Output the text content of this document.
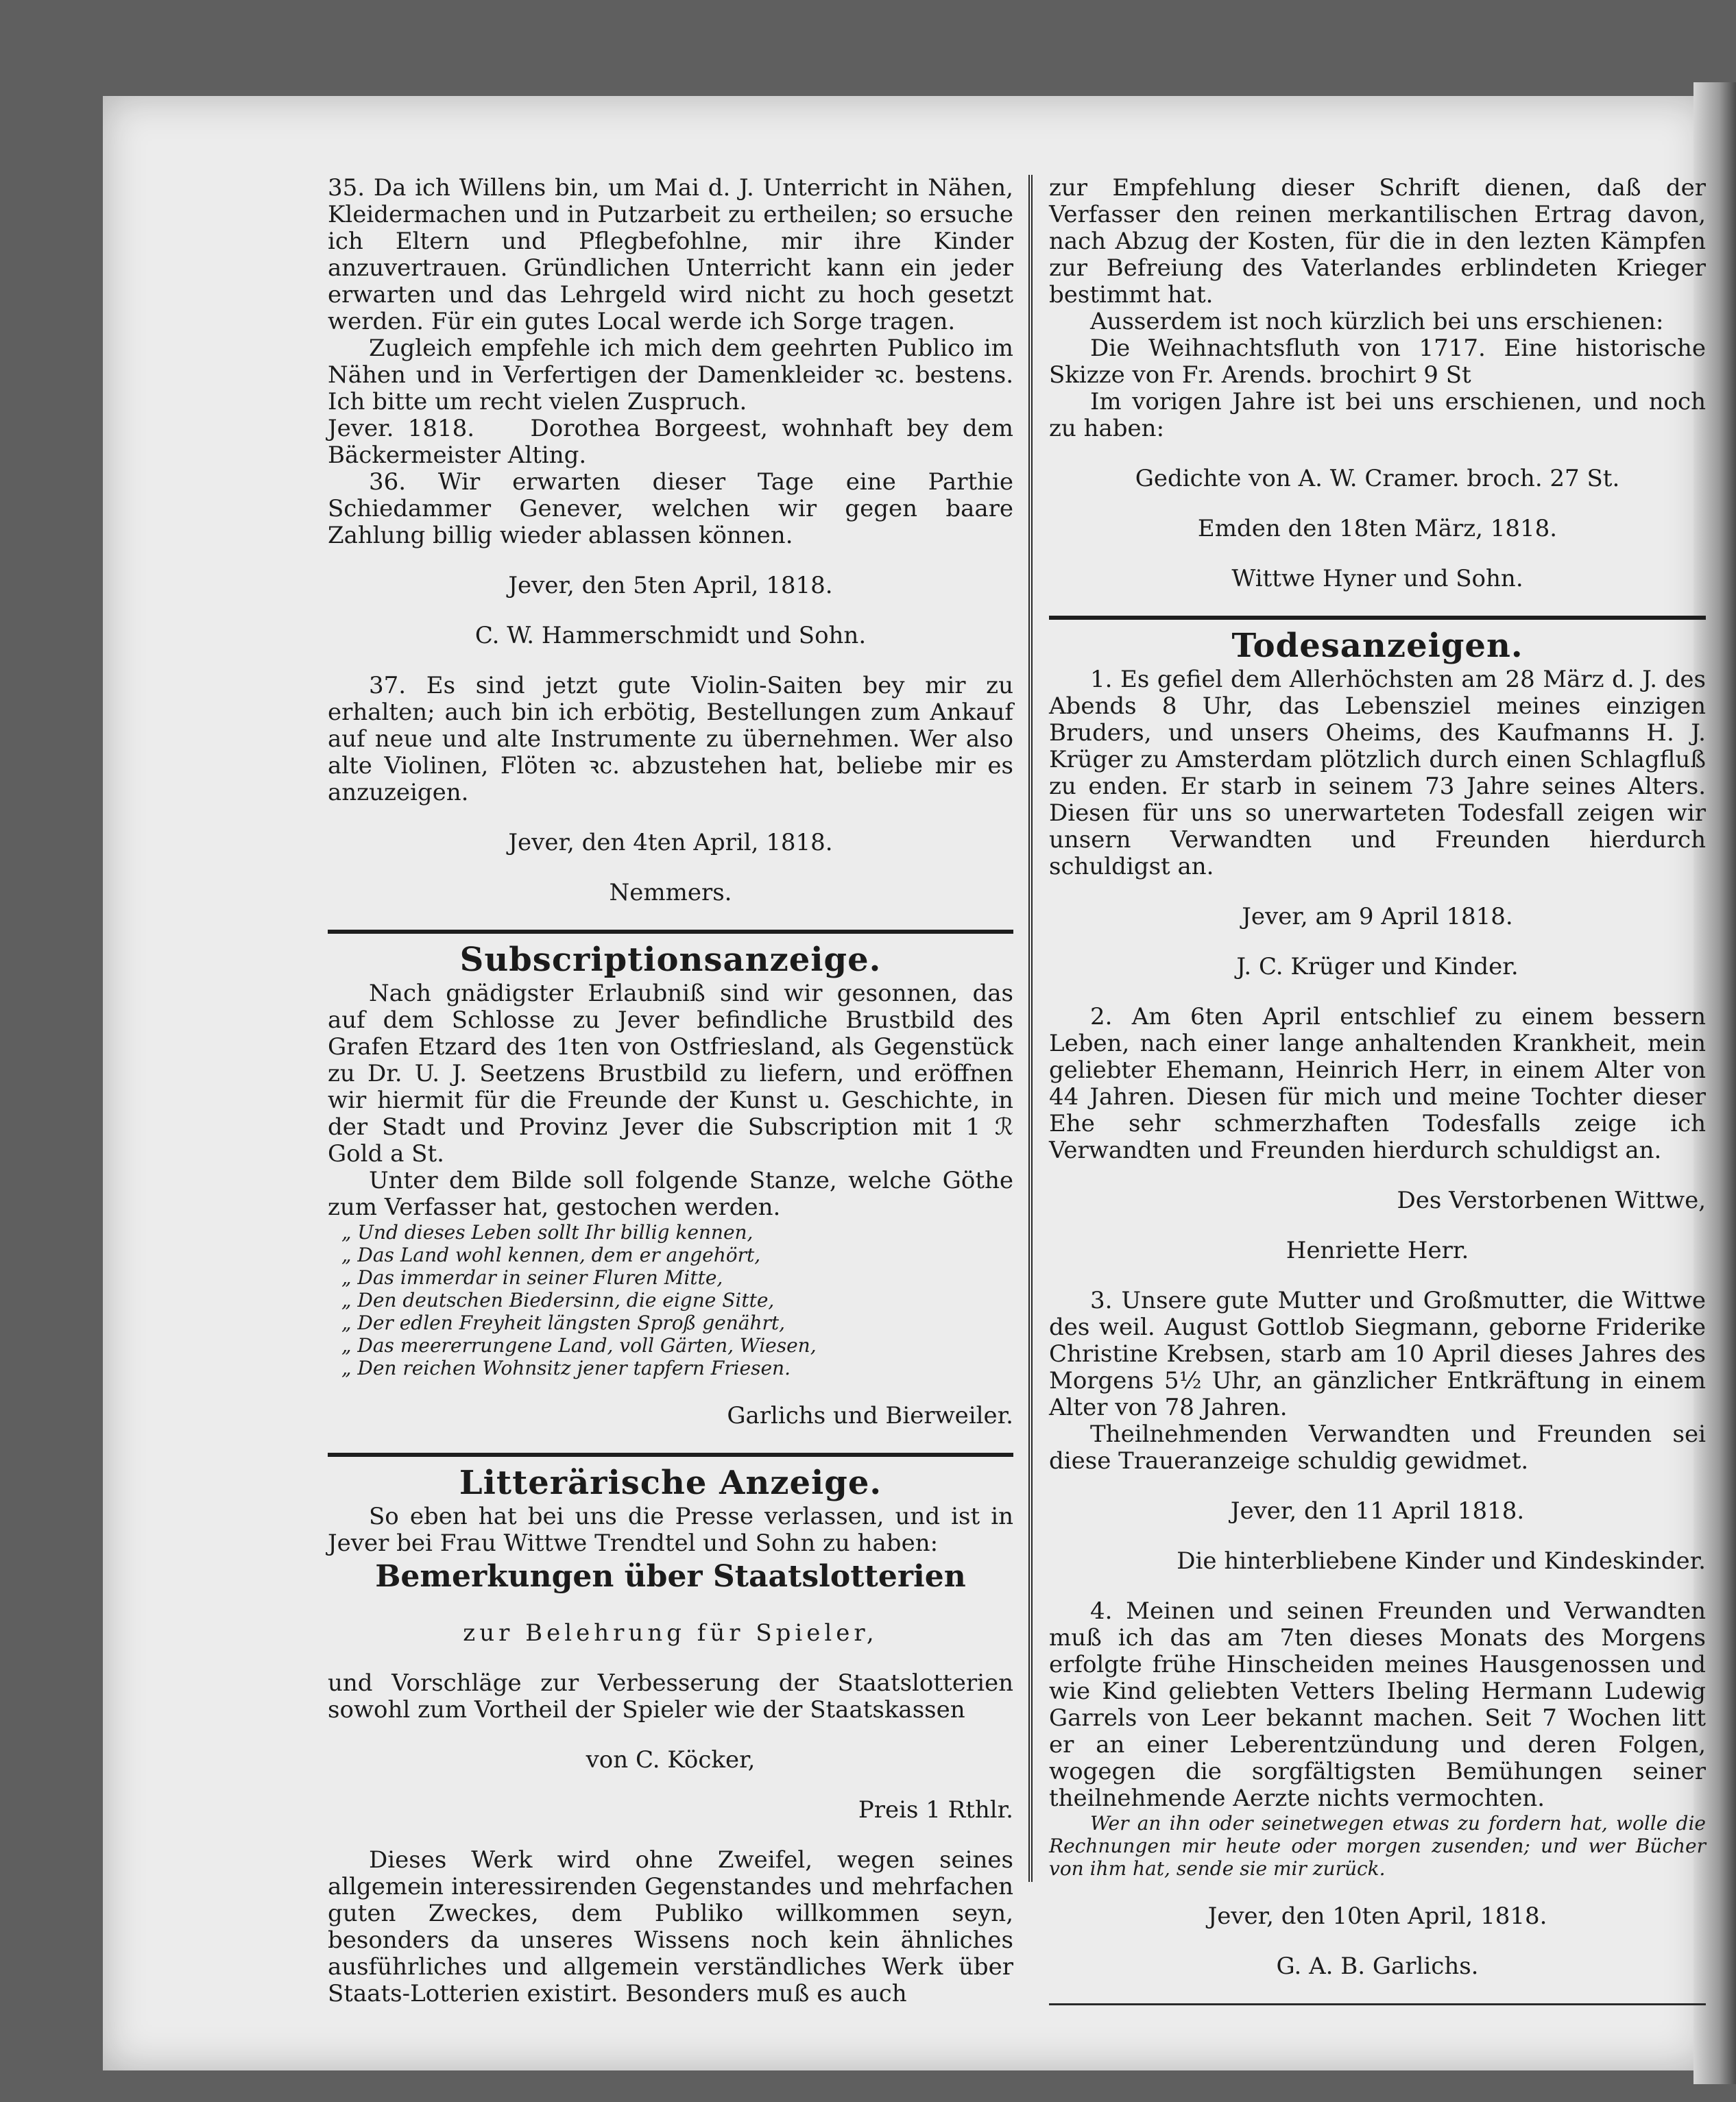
35. Da ich Willens bin, um Mai d. J. Unterricht in Nähen, Kleidermachen und in Putzarbeit zu ertheilen; so ersuche ich Eltern und Pflegbefohlne, mir ihre Kinder anzuvertrauen. Gründlichen Unterricht kann ein jeder erwarten und das Lehrgeld wird nicht zu hoch gesetzt werden. Für ein gutes Local werde ich Sorge tragen.

Zugleich empfehle ich mich dem geehrten Publico im Nähen und in Verfertigen der Damenkleider ꝛc. bestens. Ich bitte um recht vielen Zuspruch.

Jever. 1818. Dorothea Borgeest, wohnhaft bey dem Bäckermeister Alting.

36. Wir erwarten dieser Tage eine Parthie Schiedammer Genever, welchen wir gegen baare Zahlung billig wieder ablassen können.

Jever, den 5ten April, 1818.

C. W. Hammerschmidt und Sohn.

37. Es sind jetzt gute Violin-Saiten bey mir zu erhalten; auch bin ich erbötig, Bestellungen zum Ankauf auf neue und alte Instrumente zu übernehmen. Wer also alte Violinen, Flöten ꝛc. abzustehen hat, beliebe mir es anzuzeigen.

Jever, den 4ten April, 1818.

Nemmers.

Subscriptionsanzeige.

Nach gnädigster Erlaubniß sind wir gesonnen, das auf dem Schlosse zu Jever befindliche Brustbild des Grafen Etzard des 1ten von Ostfriesland, als Gegenstück zu Dr. U. J. Seetzens Brustbild zu liefern, und eröffnen wir hiermit für die Freunde der Kunst u. Geschichte, in der Stadt und Provinz Jever die Subscription mit 1 ℛ Gold a St.

Unter dem Bilde soll folgende Stanze, welche Göthe zum Verfasser hat, gestochen werden.

„ Und dieses Leben sollt Ihr billig kennen,

„ Das Land wohl kennen, dem er angehört,

„ Das immerdar in seiner Fluren Mitte,

„ Den deutschen Biedersinn, die eigne Sitte,

„ Der edlen Freyheit längsten Sproß genährt,

„ Das meererrungene Land, voll Gärten, Wiesen,

„ Den reichen Wohnsitz jener tapfern Friesen.

Garlichs und Bierweiler.

Litterärische Anzeige.

So eben hat bei uns die Presse verlassen, und ist in Jever bei Frau Wittwe Trendtel und Sohn zu haben:

Bemerkungen über Staatslotterien

zur Belehrung für Spieler,

und Vorschläge zur Verbesserung der Staatslotterien sowohl zum Vortheil der Spieler wie der Staatskassen

von C. Köcker,

Preis 1 Rthlr.

Dieses Werk wird ohne Zweifel, wegen seines allgemein interessirenden Gegenstandes und mehrfachen guten Zweckes, dem Publiko willkommen seyn, besonders da unseres Wissens noch kein ähnliches ausführliches und allgemein verständliches Werk über Staats-Lotterien existirt. Besonders muß es auch

zur Empfehlung dieser Schrift dienen, daß der Verfasser den reinen merkantilischen Ertrag davon, nach Abzug der Kosten, für die in den lezten Kämpfen zur Befreiung des Vaterlandes erblindeten Krieger bestimmt hat.

Ausserdem ist noch kürzlich bei uns erschienen:

Die Weihnachtsfluth von 1717. Eine historische Skizze von Fr. Arends. brochirt 9 St

Im vorigen Jahre ist bei uns erschienen, und noch zu haben:

Gedichte von A. W. Cramer. broch. 27 St.

Emden den 18ten März, 1818.

Wittwe Hyner und Sohn.

Todesanzeigen.

1. Es gefiel dem Allerhöchsten am 28 März d. J. des Abends 8 Uhr, das Lebensziel meines einzigen Bruders, und unsers Oheims, des Kaufmanns H. J. Krüger zu Amsterdam plötzlich durch einen Schlagfluß zu enden. Er starb in seinem 73 Jahre seines Alters. Diesen für uns so unerwarteten Todesfall zeigen wir unsern Verwandten und Freunden hierdurch schuldigst an.

Jever, am 9 April 1818.

J. C. Krüger und Kinder.

2. Am 6ten April entschlief zu einem bessern Leben, nach einer lange anhaltenden Krankheit, mein geliebter Ehemann, Heinrich Herr, in einem Alter von 44 Jahren. Diesen für mich und meine Tochter dieser Ehe sehr schmerzhaften Todesfalls zeige ich Verwandten und Freunden hierdurch schuldigst an.

Des Verstorbenen Wittwe,

Henriette Herr.

3. Unsere gute Mutter und Großmutter, die Wittwe des weil. August Gottlob Siegmann, geborne Friderike Christine Krebsen, starb am 10 April dieses Jahres des Morgens 5½ Uhr, an gänzlicher Entkräftung in einem Alter von 78 Jahren.

Theilnehmenden Verwandten und Freunden sei diese Traueranzeige schuldig gewidmet.

Jever, den 11 April 1818.

Die hinterbliebene Kinder und Kindeskinder.

4. Meinen und seinen Freunden und Verwandten muß ich das am 7ten dieses Monats des Morgens erfolgte frühe Hinscheiden meines Hausgenossen und wie Kind geliebten Vetters Ibeling Hermann Ludewig Garrels von Leer bekannt machen. Seit 7 Wochen litt er an einer Leberentzündung und deren Folgen, wogegen die sorgfältigsten Bemühungen seiner theilnehmende Aerzte nichts vermochten.

Wer an ihn oder seinetwegen etwas zu fordern hat, wolle die Rechnungen mir heute oder morgen zusenden; und wer Bücher von ihm hat, sende sie mir zurück.

Jever, den 10ten April, 1818.

G. A. B. Garlichs.
